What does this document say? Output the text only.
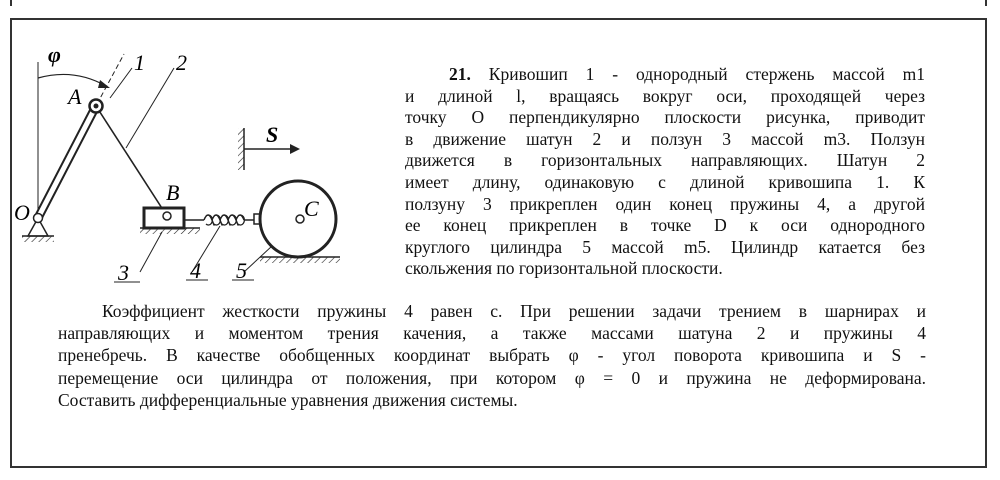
φ
A
O
B
C
S
1 2
3	4 5
21. Кривошип 1 - однородный стержень массой m1
и длиной l, вращаясь вокруг оси, проходящей через
точку О перпендикулярно плоскости рисунка, приводит
в движение шатун 2 и ползун 3 массой m3. Ползун
движется в горизонтальных направляющих. Шатун 2
имеет длину, одинаковую с длиной кривошипа 1. К
ползуну 3 прикреплен один конец пружины 4, а другой
ее конец прикреплен в точке D к оси однородного
круглого цилиндра 5 массой m5. Цилиндр катается без
скольжения по горизонтальной плоскости.
Коэффициент жесткости пружины 4 равен c. При решении задачи трением в шарнирах и
направляющих и моментом трения качения, а также массами шатуна 2 и пружины 4
пренебречь. В качестве обобщенных координат выбрать φ - угол поворота кривошипа и S -
перемещение оси цилиндра от положения, при котором φ = 0 и пружина не деформирована.
Составить дифференциальные уравнения движения системы.
